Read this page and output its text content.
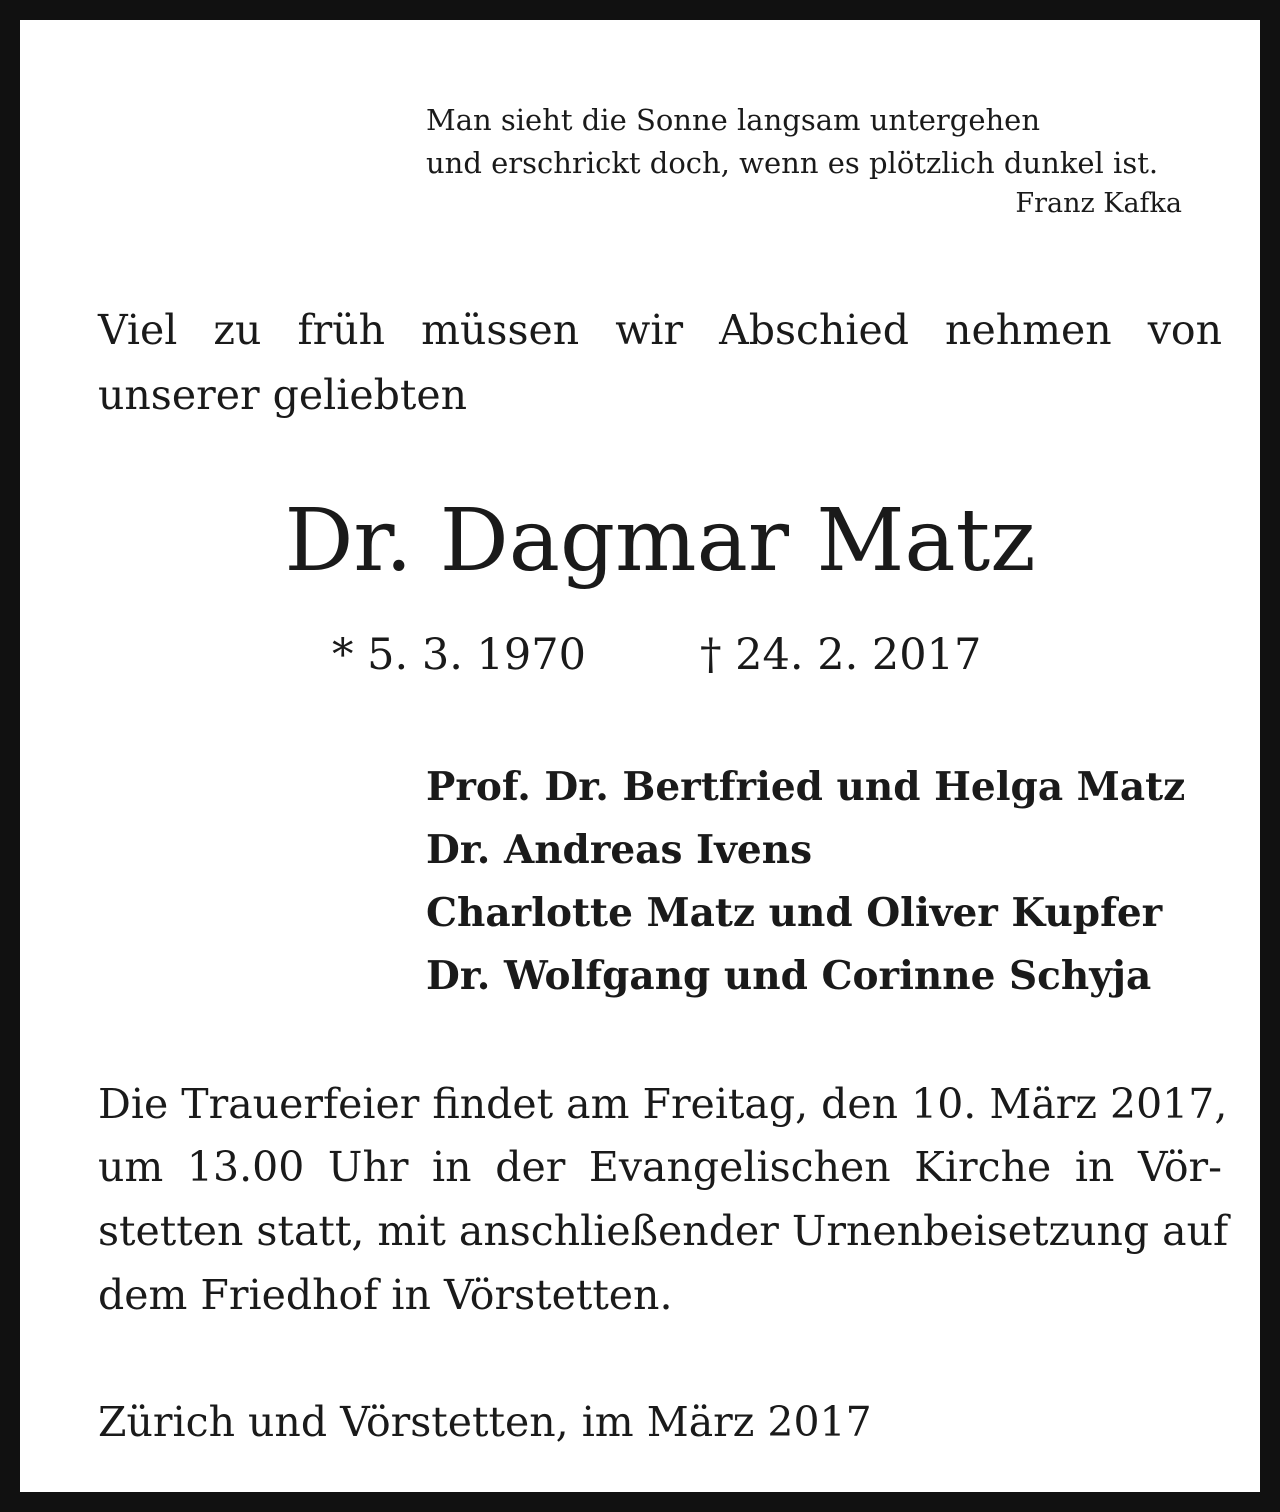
Man sieht die Sonne langsam untergehen
und erschrickt doch, wenn es plötzlich dunkel ist.
Franz Kafka
Viel zu früh müssen wir Abschied nehmen von
unserer geliebten
Dr. Dagmar Matz
* 5. 3. 1970	† 24. 2. 2017
Prof. Dr. Bertfried und Helga Matz
Dr. Andreas Ivens
Charlotte Matz und Oliver Kupfer
Dr. Wolfgang und Corinne Schyja
Die Trauerfeier findet am Freitag, den 10. März 2017,
um 13.00 Uhr in der Evangelischen Kirche in Vör-
stetten statt, mit anschließender Urnenbeisetzung auf
dem Friedhof in Vörstetten.
Zürich und Vörstetten, im März 2017
